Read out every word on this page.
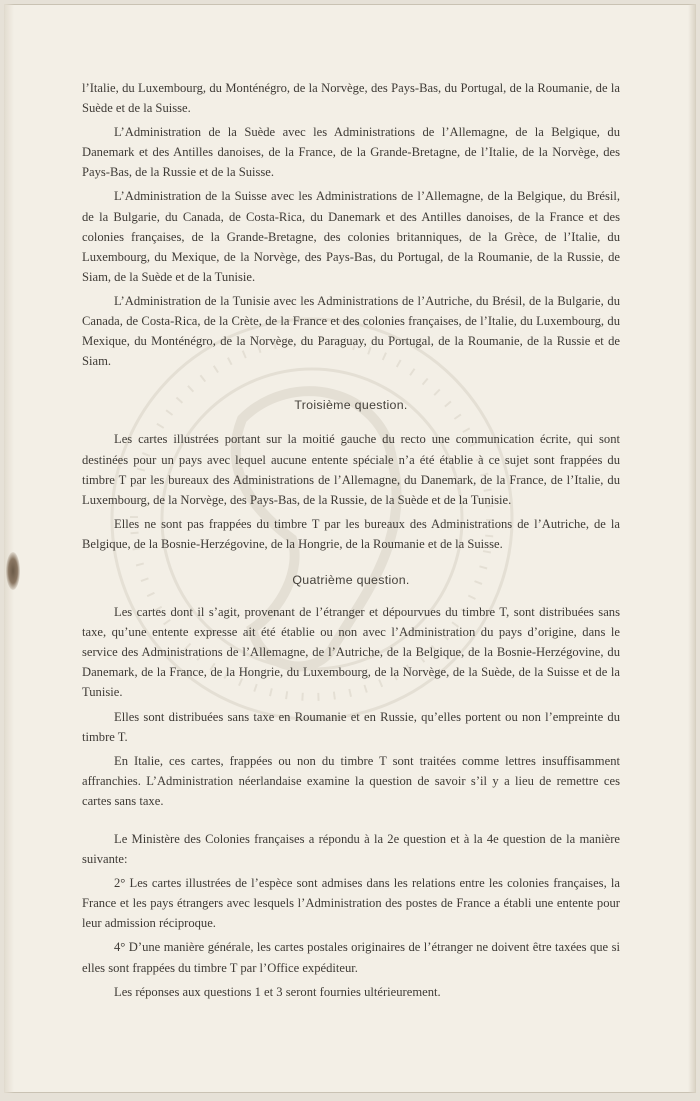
l’Italie, du Luxembourg, du Monténégro, de la Norvège, des Pays-Bas, du Portugal, de la Roumanie, de la Suède et de la Suisse.

L’Administration de la Suède avec les Administrations de l’Allemagne, de la Belgique, du Danemark et des Antilles danoises, de la France, de la Grande-Bretagne, de l’Italie, de la Norvège, des Pays-Bas, de la Russie et de la Suisse.

L’Administration de la Suisse avec les Administrations de l’Allemagne, de la Belgique, du Brésil, de la Bulgarie, du Canada, de Costa-Rica, du Danemark et des Antilles danoises, de la France et des colonies françaises, de la Grande-Bretagne, des colonies britanniques, de la Grèce, de l’Italie, du Luxembourg, du Mexique, de la Norvège, des Pays-Bas, du Portugal, de la Roumanie, de la Russie, de Siam, de la Suède et de la Tunisie.

L’Administration de la Tunisie avec les Administrations de l’Autriche, du Brésil, de la Bulgarie, du Canada, de Costa-Rica, de la Crète, de la France et des colonies françaises, de l’Italie, du Luxembourg, du Mexique, du Monténégro, de la Norvège, du Paraguay, du Portugal, de la Roumanie, de la Russie et de Siam.

Troisième question.

Les cartes illustrées portant sur la moitié gauche du recto une communication écrite, qui sont destinées pour un pays avec lequel aucune entente spéciale n’a été établie à ce sujet sont frappées du timbre T par les bureaux des Administrations de l’Allemagne, du Danemark, de la France, de l’Italie, du Luxembourg, de la Norvège, des Pays-Bas, de la Russie, de la Suède et de la Tunisie.

Elles ne sont pas frappées du timbre T par les bureaux des Administrations de l’Autriche, de la Belgique, de la Bosnie-Herzégovine, de la Hongrie, de la Roumanie et de la Suisse.

Quatrième question.

Les cartes dont il s’agit, provenant de l’étranger et dépourvues du timbre T, sont distribuées sans taxe, qu’une entente expresse ait été établie ou non avec l’Administration du pays d’origine, dans le service des Administrations de l’Allemagne, de l’Autriche, de la Belgique, de la Bosnie-Herzégovine, du Danemark, de la France, de la Hongrie, du Luxembourg, de la Norvège, de la Suède, de la Suisse et de la Tunisie.

Elles sont distribuées sans taxe en Roumanie et en Russie, qu’elles portent ou non l’empreinte du timbre T.

En Italie, ces cartes, frappées ou non du timbre T sont traitées comme lettres insuffisamment affranchies. L’Administration néerlandaise examine la question de savoir s’il y a lieu de remettre ces cartes sans taxe.

Le Ministère des Colonies françaises a répondu à la 2e question et à la 4e question de la manière suivante:

2° Les cartes illustrées de l’espèce sont admises dans les relations entre les colonies françaises, la France et les pays étrangers avec lesquels l’Administration des postes de France a établi une entente pour leur admission réciproque.

4° D’une manière générale, les cartes postales originaires de l’étranger ne doivent être taxées que si elles sont frappées du timbre T par l’Office expéditeur.

Les réponses aux questions 1 et 3 seront fournies ultérieurement.
